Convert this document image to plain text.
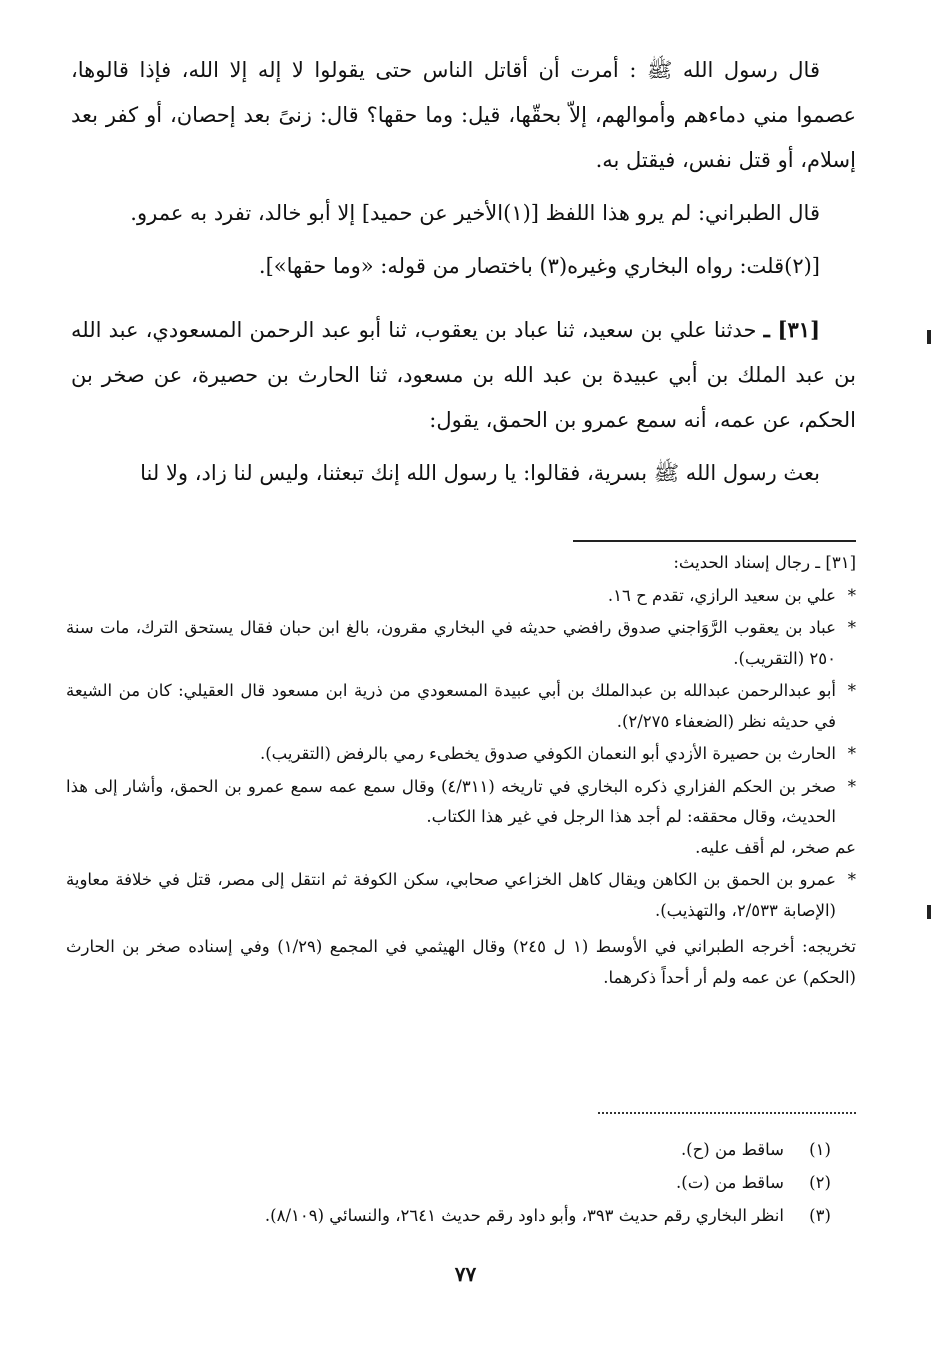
قال رسول الله ﷺ : أمرت أن أقاتل الناس حتى يقولوا لا إله إلا الله، فإذا قالوها، عصموا مني دماءهم وأموالهم، إلاّ بحقّها، قيل: وما حقها؟ قال: زنىً بعد إحصان، أو كفر بعد إسلام، أو قتل نفس، فيقتل به.

قال الطبراني: لم يرو هذا اللفظ [(١)الأخير عن حميد] إلا أبو خالد، تفرد به عمرو.

[(٢)قلت: رواه البخاري وغيره(٣) باختصار من قوله: «وما حقها»].

[٣١] ـ حدثنا علي بن سعيد، ثنا عباد بن يعقوب، ثنا أبو عبد الرحمن المسعودي، عبد الله بن عبد الملك بن أبي عبيدة بن عبد الله بن مسعود، ثنا الحارث بن حصيرة، عن صخر بن الحكم، عن عمه، أنه سمع عمرو بن الحمق، يقول:

بعث رسول الله ﷺ بسرية، فقالوا: يا رسول الله إنك تبعثنا، وليس لنا زاد، ولا لنا

[٣١] ـ رجال إسناد الحديث:

*
علي بن سعيد الرازي، تقدم ح ١٦.

*
عباد بن يعقوب الرَّوَاجني صدوق رافضي حديثه في البخاري مقرون، بالغ ابن حبان فقال يستحق الترك، مات سنة ٢٥٠ (التقريب).

*
أبو عبدالرحمن عبدالله بن عبدالملك بن أبي عبيدة المسعودي من ذرية ابن مسعود قال العقيلي: كان من الشيعة في حديثه نظر (الضعفاء ٢/٢٧٥).

*
الحارث بن حصيرة الأزدي أبو النعمان الكوفي صدوق يخطىء رمي بالرفض (التقريب).

*
صخر بن الحكم الفزاري ذكره البخاري في تاريخه (٤/٣١١) وقال سمع عمه سمع عمرو بن الحمق، وأشار إلى هذا الحديث، وقال محققه: لم أجد هذا الرجل في غير هذا الكتاب.

عم صخر، لم أقف عليه.

*
عمرو بن الحمق بن الكاهن ويقال كاهل الخزاعي صحابي، سكن الكوفة ثم انتقل إلى مصر، قتل في خلافة معاوية (الإصابة ٢/٥٣٣، والتهذيب).

تخريجه: أخرجه الطبراني في الأوسط (١ ل ٢٤٥) وقال الهيثمي في المجمع (١/٢٩) وفي إسناده صخر بن الحارث (الحكم) عن عمه ولم أر أحداً ذكرهما.

(١)
ساقط من (ح).
(٢)
ساقط من (ت).
(٣)
انظر البخاري رقم حديث ٣٩٣، وأبو داود رقم حديث ٢٦٤١، والنسائي (٨/١٠٩).
٧٧
